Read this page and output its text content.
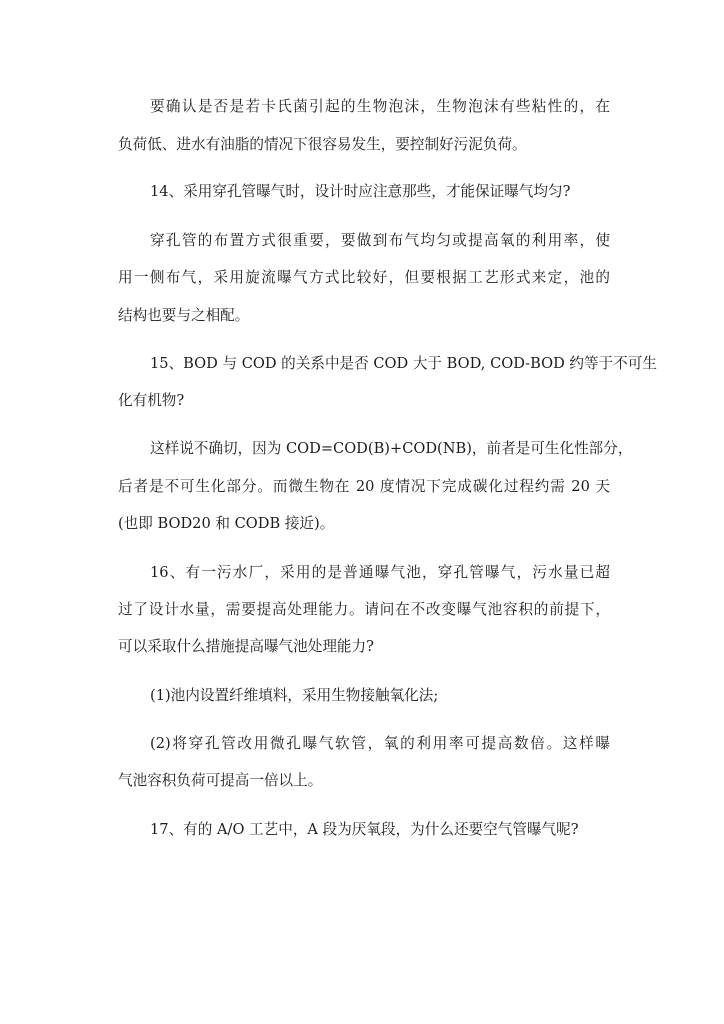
要确认是否是若卡氏菌引起的生物泡沫，生物泡沫有些粘性的，在
负荷低、进水有油脂的情况下很容易发生，要控制好污泥负荷。
14、采用穿孔管曝气时，设计时应注意那些，才能保证曝气均匀?
穿孔管的布置方式很重要，要做到布气均匀或提高氧的利用率，使
用一侧布气，采用旋流曝气方式比较好，但要根据工艺形式来定，池的
结构也要与之相配。
15、BOD 与 COD 的关系中是否 COD 大于 BOD, COD-BOD 约等于不可生
化有机物?
这样说不确切，因为 COD=COD(B)+COD(NB)，前者是可生化性部分，
后者是不可生化部分。而微生物在 20 度情况下完成碳化过程约需 20 天
(也即 BOD20 和 CODB 接近)。
16、有一污水厂，采用的是普通曝气池，穿孔管曝气，污水量已超
过了设计水量，需要提高处理能力。请问在不改变曝气池容积的前提下，
可以采取什么措施提高曝气池处理能力?
(1)池内设置纤维填料，采用生物接触氧化法;
(2)将穿孔管改用微孔曝气软管，氧的利用率可提高数倍。这样曝
气池容积负荷可提高一倍以上。
17、有的 A/O 工艺中，A 段为厌氧段，为什么还要空气管曝气呢?
